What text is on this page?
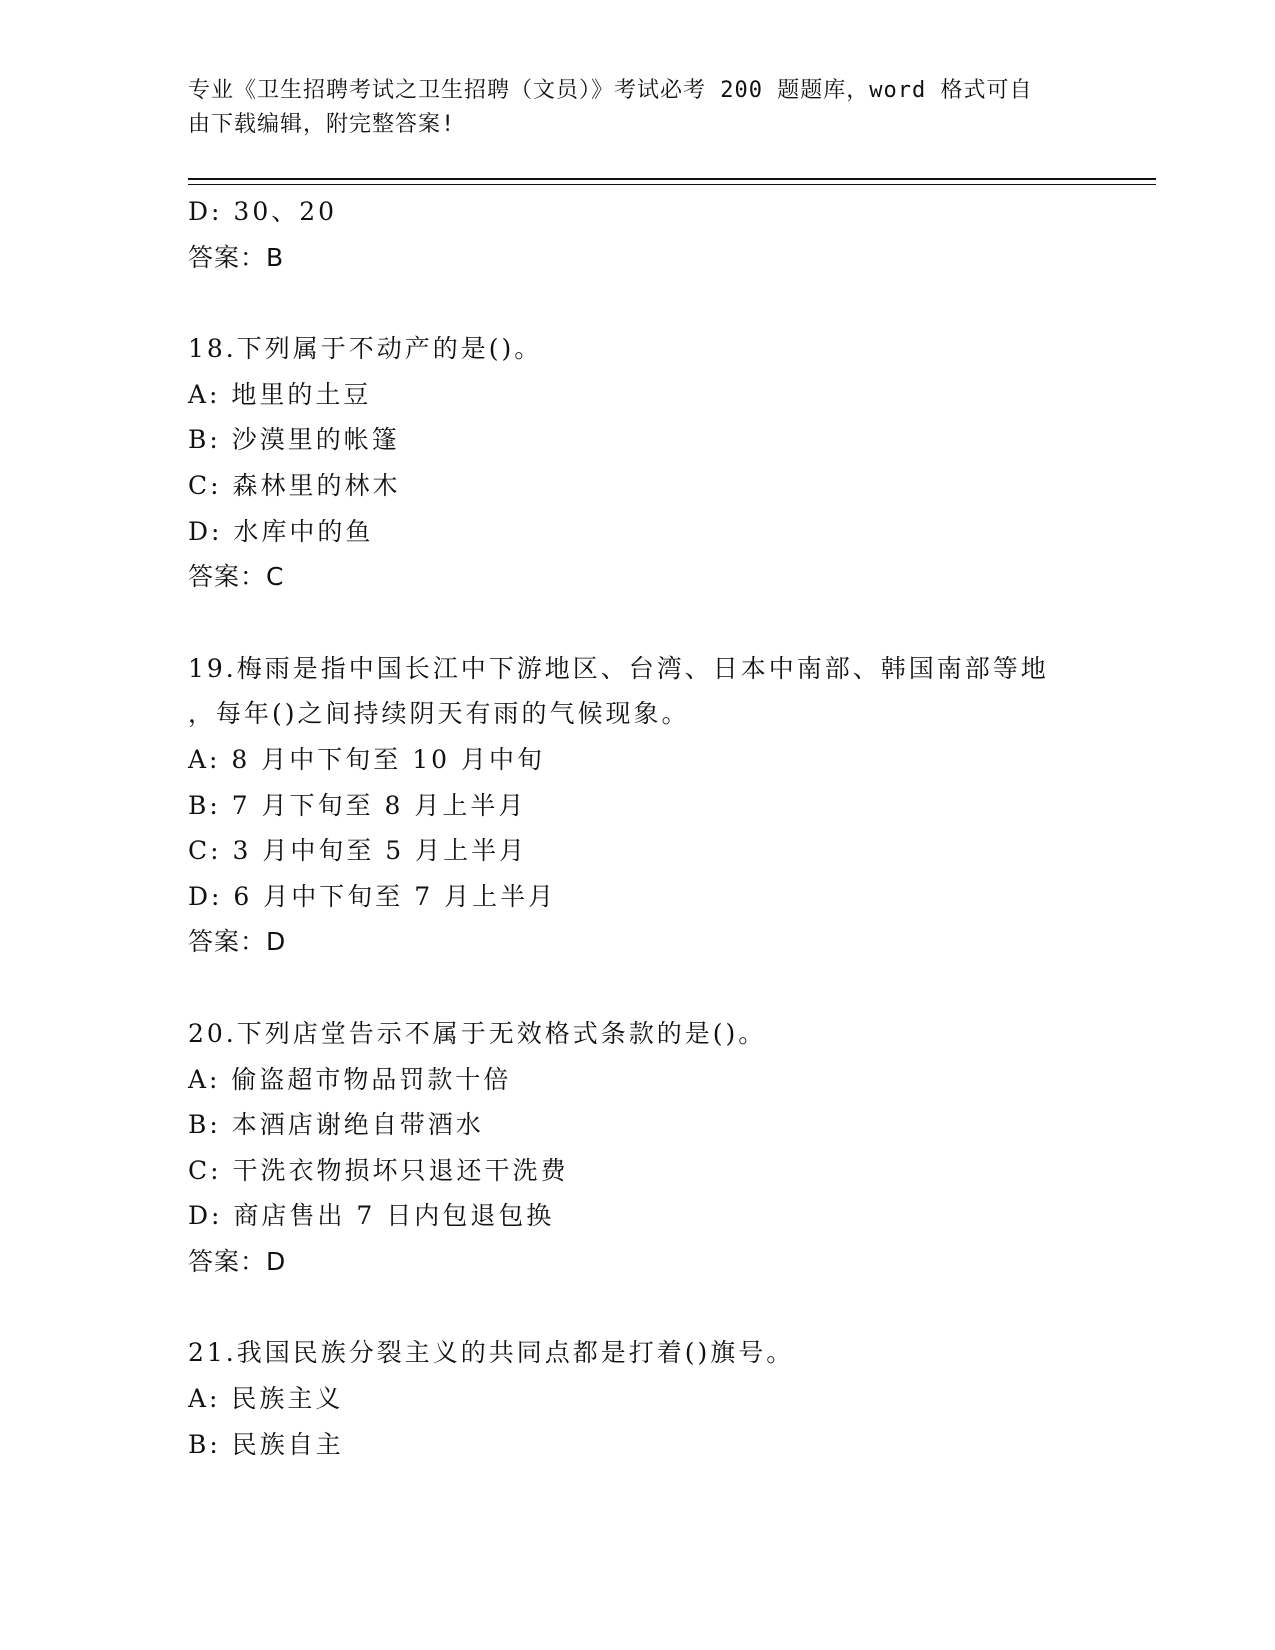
专业《卫生招聘考试之卫生招聘（文员）》考试必考 200 题题库，word 格式可自
由下载编辑，附完整答案!
D: 30、20
答案：B
18.下列属于不动产的是()。
A: 地里的土豆
B: 沙漠里的帐篷
C: 森林里的林木
D: 水库中的鱼
答案：C
19.梅雨是指中国长江中下游地区、台湾、日本中南部、韩国南部等地
，每年()之间持续阴天有雨的气候现象。
A: 8 月中下旬至 10 月中旬
B: 7 月下旬至 8 月上半月
C: 3 月中旬至 5 月上半月
D: 6 月中下旬至 7 月上半月
答案：D
20.下列店堂告示不属于无效格式条款的是()。
A: 偷盗超市物品罚款十倍
B: 本酒店谢绝自带酒水
C: 干洗衣物损坏只退还干洗费
D: 商店售出 7 日内包退包换
答案：D
21.我国民族分裂主义的共同点都是打着()旗号。
A: 民族主义
B: 民族自主
